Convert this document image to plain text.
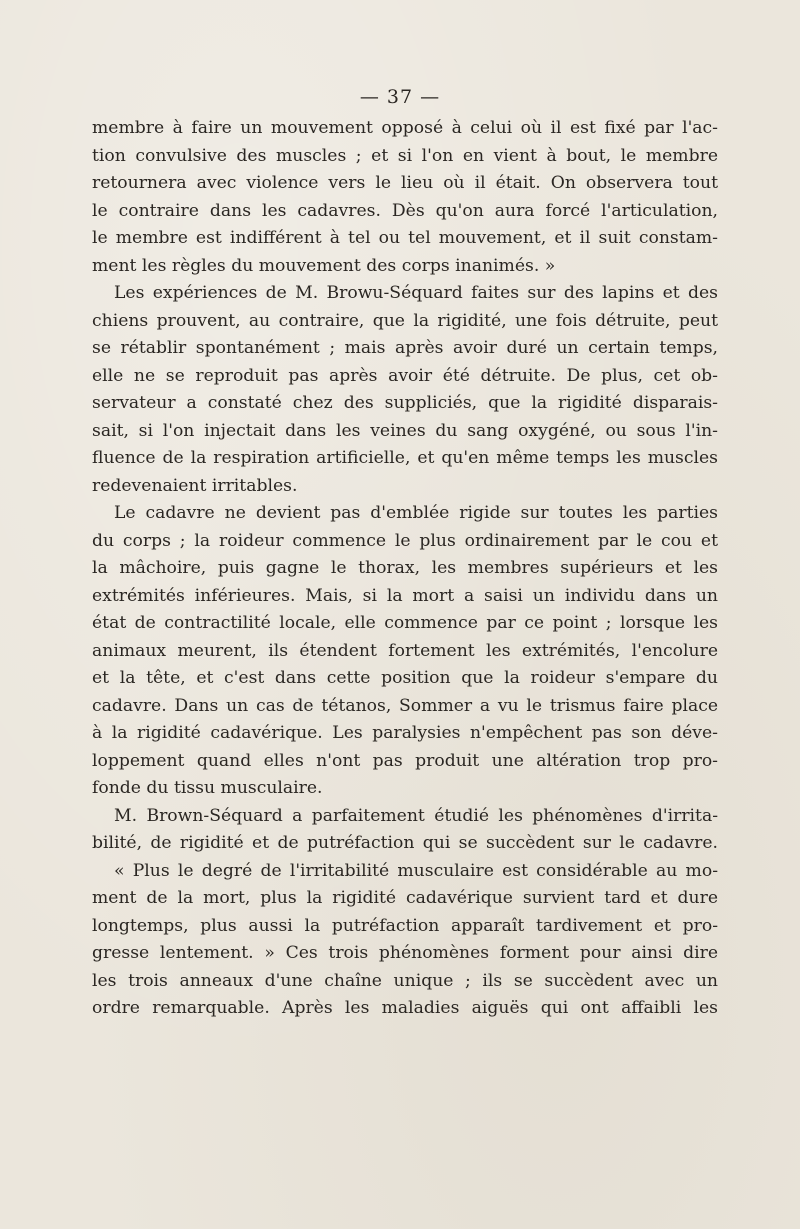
— 37 —
membre à faire un mouvement opposé à celui où il est fixé par l'ac-
tion convulsive des muscles ; et si l'on en vient à bout, le membre
retournera avec violence vers le lieu où il était. On observera tout
le contraire dans les cadavres. Dès qu'on aura forcé l'articulation,
le membre est indifférent à tel ou tel mouvement, et il suit constam-
ment les règles du mouvement des corps inanimés. »
Les expériences de M. Browu-Séquard faites sur des lapins et des
chiens prouvent, au contraire, que la rigidité, une fois détruite, peut
se rétablir spontanément ; mais après avoir duré un certain temps,
elle ne se reproduit pas après avoir été détruite. De plus, cet ob-
servateur a constaté chez des suppliciés, que la rigidité disparais-
sait, si l'on injectait dans les veines du sang oxygéné, ou sous l'in-
fluence de la respiration artificielle, et qu'en même temps les muscles
redevenaient irritables.
Le cadavre ne devient pas d'emblée rigide sur toutes les parties
du corps ; la roideur commence le plus ordinairement par le cou et
la mâchoire, puis gagne le thorax, les membres supérieurs et les
extrémités inférieures. Mais, si la mort a saisi un individu dans un
état de contractilité locale, elle commence par ce point ; lorsque les
animaux meurent, ils étendent fortement les extrémités, l'encolure
et la tête, et c'est dans cette position que la roideur s'empare du
cadavre. Dans un cas de tétanos, Sommer a vu le trismus faire place
à la rigidité cadavérique. Les paralysies n'empêchent pas son déve-
loppement quand elles n'ont pas produit une altération trop pro-
fonde du tissu musculaire.
M. Brown-Séquard a parfaitement étudié les phénomènes d'irrita-
bilité, de rigidité et de putréfaction qui se succèdent sur le cadavre.
« Plus le degré de l'irritabilité musculaire est considérable au mo-
ment de la mort, plus la rigidité cadavérique survient tard et dure
longtemps, plus aussi la putréfaction apparaît tardivement et pro-
gresse lentement. » Ces trois phénomènes forment pour ainsi dire
les trois anneaux d'une chaîne unique ; ils se succèdent avec un
ordre remarquable. Après les maladies aiguës qui ont affaibli les
